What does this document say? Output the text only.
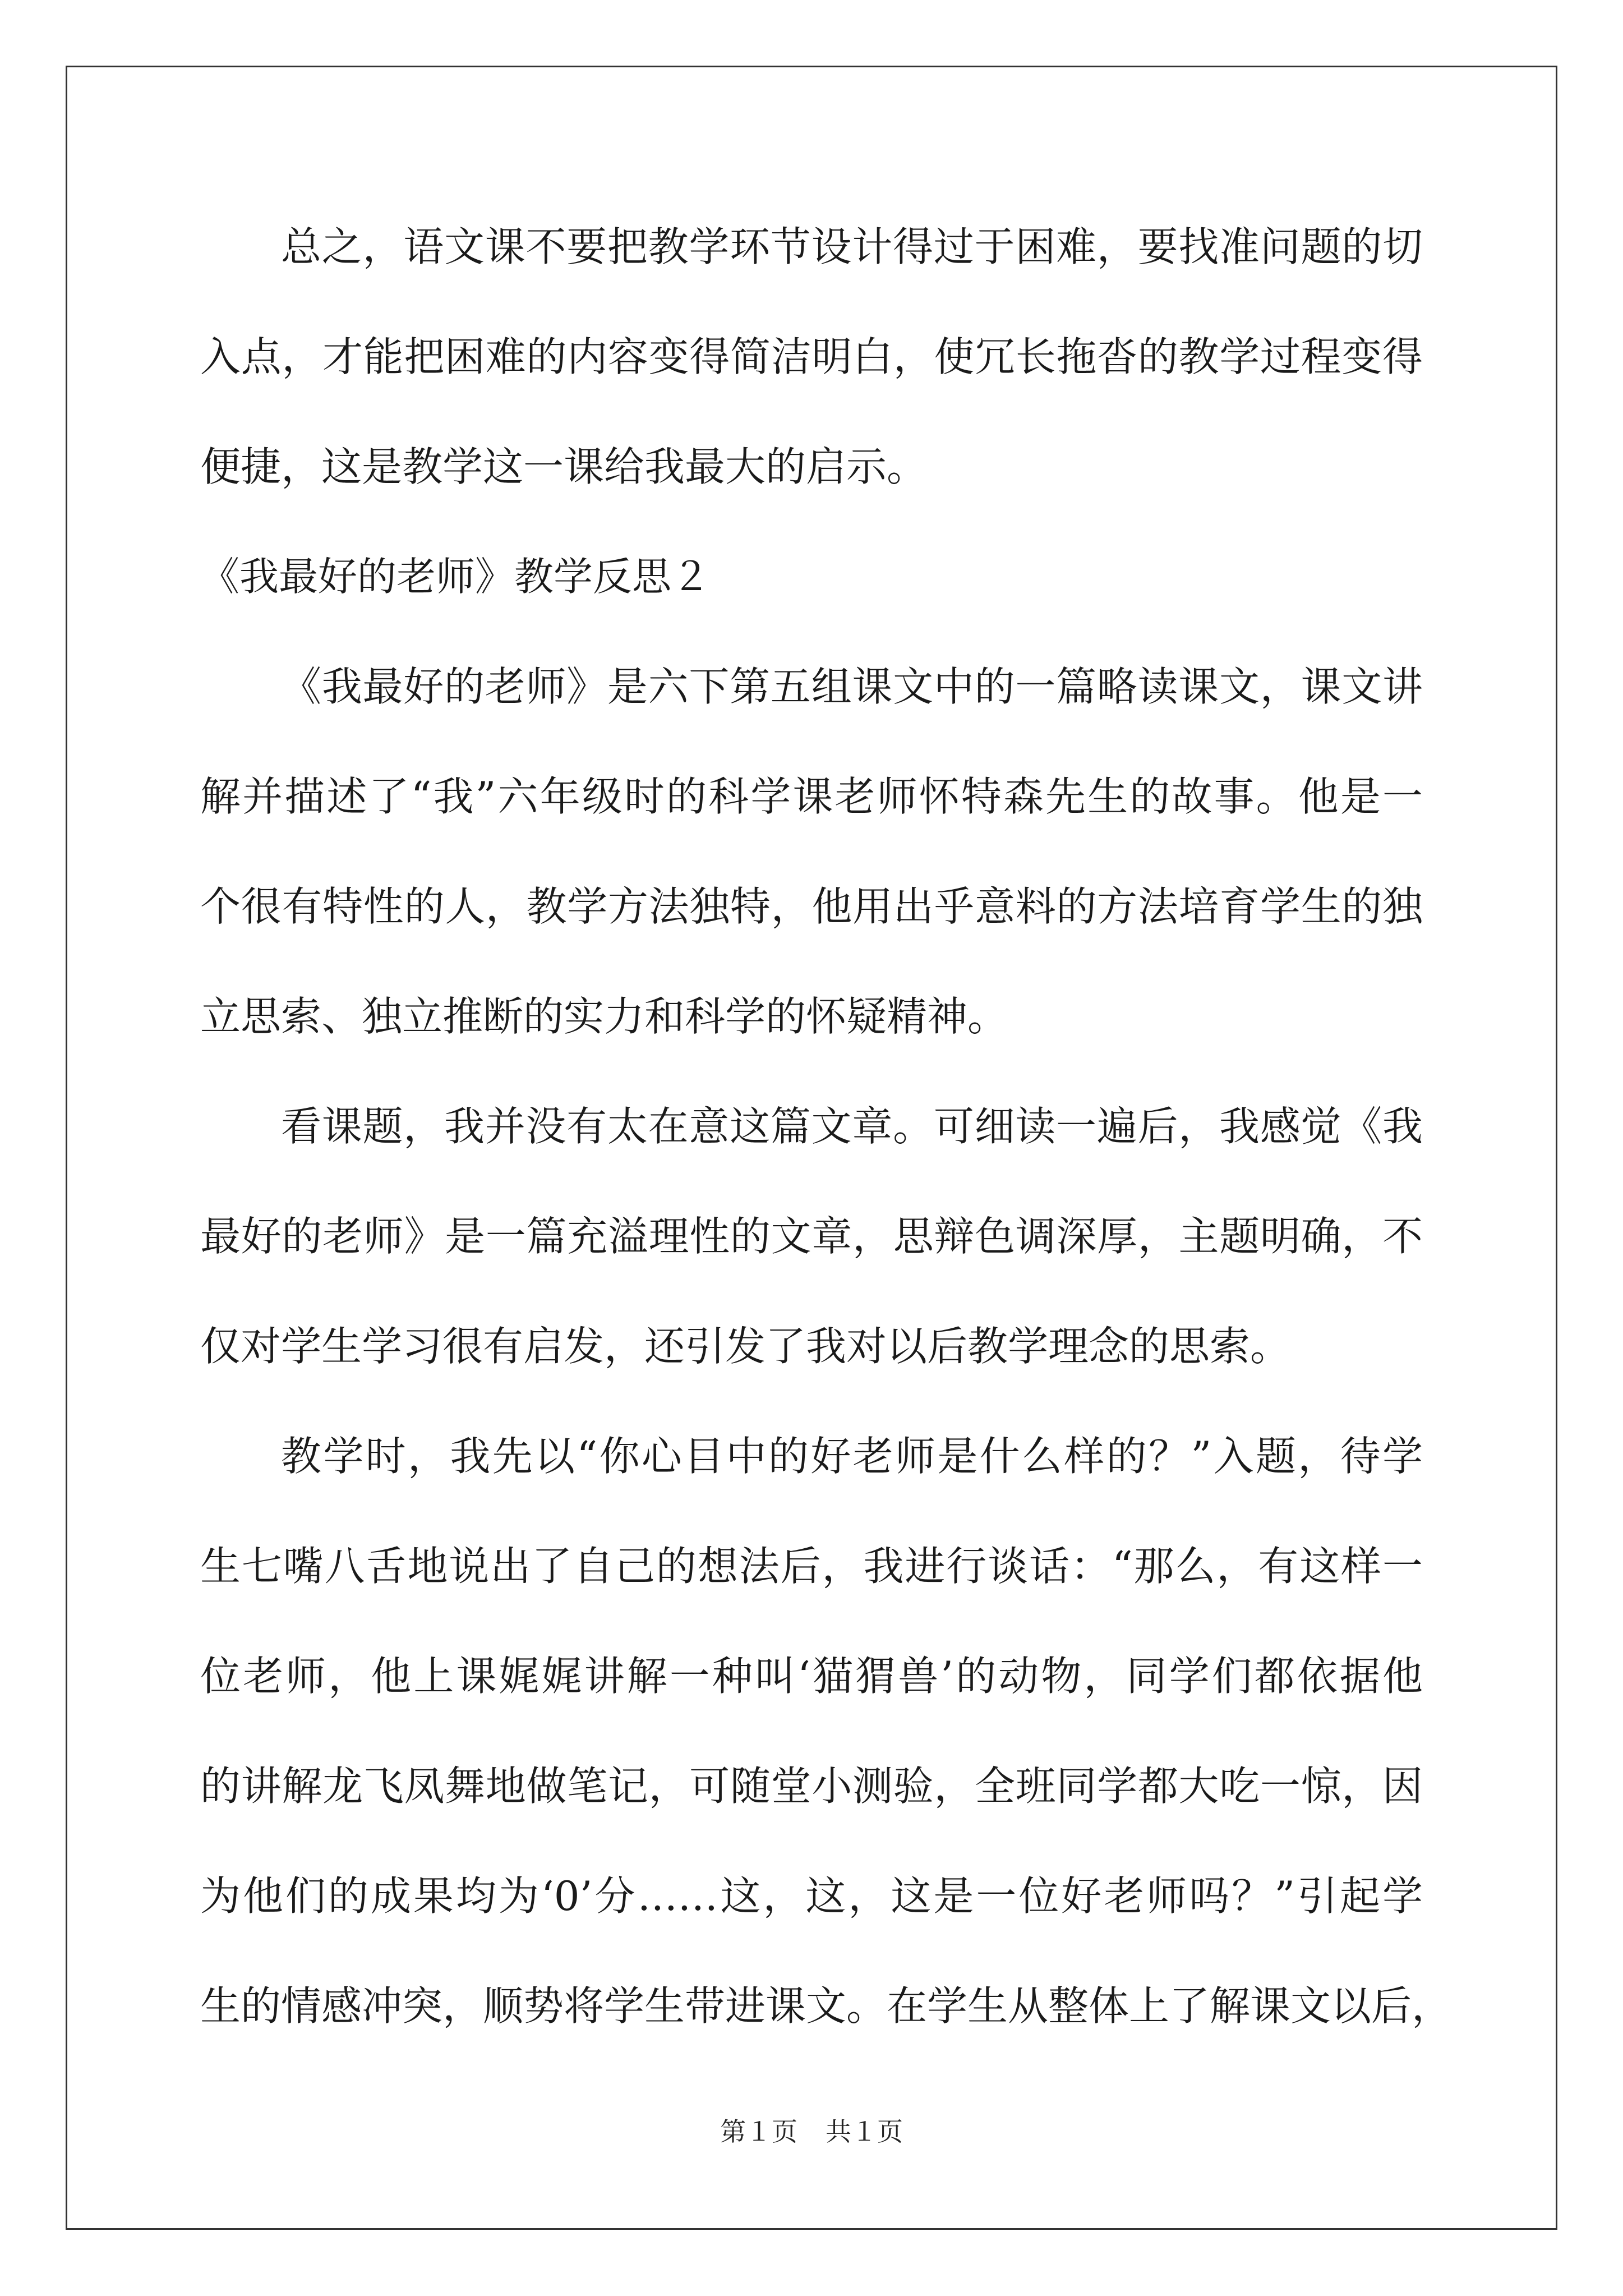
总之，语文课不要把教学环节设计得过于困难，要找准问题的切
入点，才能把困难的内容变得简洁明白，使冗长拖沓的教学过程变得
便捷，这是教学这一课给我最大的启示。
《我最好的老师》教学反思２
《我最好的老师》是六下第五组课文中的一篇略读课文，课文讲
解并描述了“我”六年级时的科学课老师怀特森先生的故事。他是一
个很有特性的人，教学方法独特，他用出乎意料的方法培育学生的独
立思索、独立推断的实力和科学的怀疑精神。
看课题，我并没有太在意这篇文章。可细读一遍后，我感觉《我
最好的老师》是一篇充溢理性的文章，思辩色调深厚，主题明确，不
仅对学生学习很有启发，还引发了我对以后教学理念的思索。
教学时，我先以“你心目中的好老师是什么样的？”入题，待学
生七嘴八舌地说出了自己的想法后，我进行谈话：“那么，有这样一
位老师，他上课娓娓讲解一种叫‘猫猬兽’的动物，同学们都依据他
的讲解龙飞凤舞地做笔记，可随堂小测验，全班同学都大吃一惊，因
为他们的成果均为‘0’分……这，这，这是一位好老师吗？”引起学
生的情感冲突，顺势将学生带进课文。在学生从整体上了解课文以后，
第１页 共１页
